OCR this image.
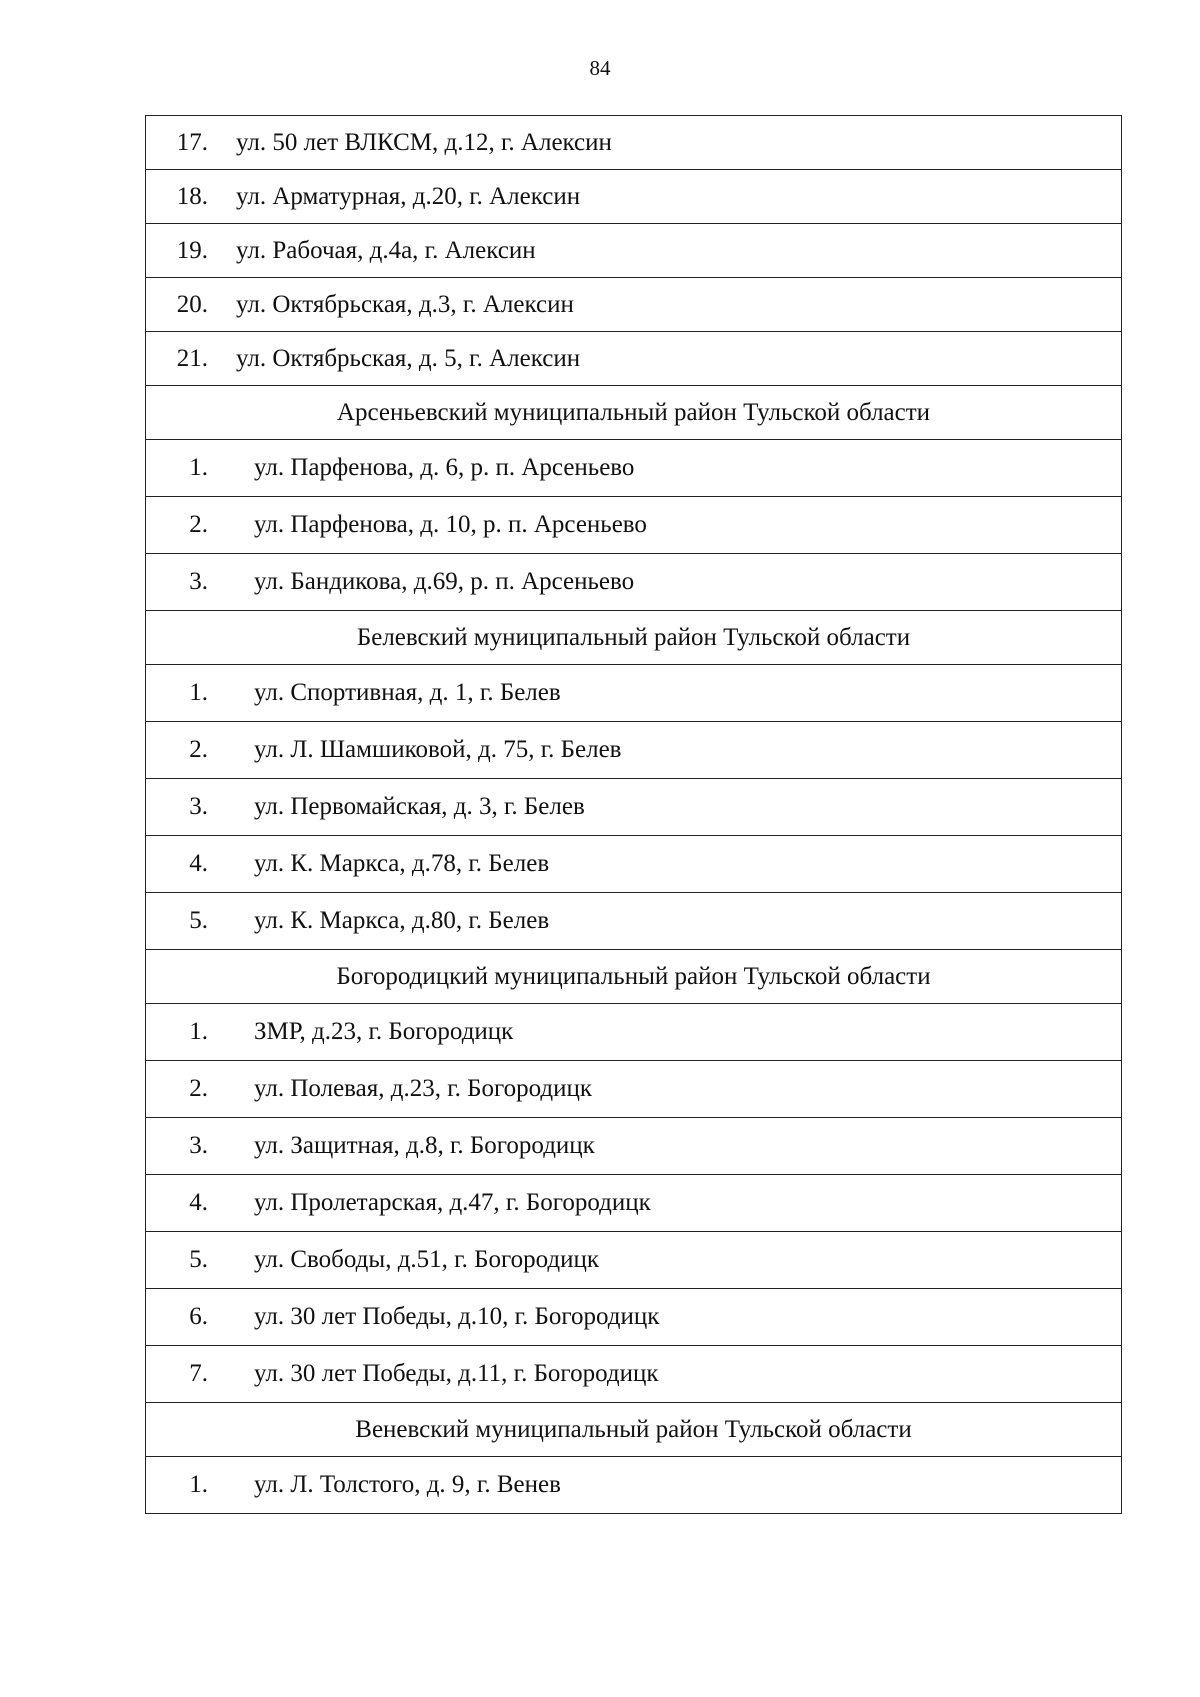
84
17. ул. 50 лет ВЛКСМ, д.12, г. Алексин
18. ул. Арматурная, д.20, г. Алексин
19. ул. Рабочая, д.4а, г. Алексин
20. ул. Октябрьская, д.3, г. Алексин
21. ул. Октябрьская, д. 5, г. Алексин
Арсеньевский муниципальный район Тульской области
1. ул. Парфенова, д. 6, р. п. Арсеньево
2. ул. Парфенова, д. 10, р. п. Арсеньево
3. ул. Бандикова, д.69, р. п. Арсеньево
Белевский муниципальный район Тульской области
1. ул. Спортивная, д. 1, г. Белев
2. ул. Л. Шамшиковой, д. 75, г. Белев
3. ул. Первомайская, д. 3, г. Белев
4. ул. К. Маркса, д.78, г. Белев
5. ул. К. Маркса, д.80, г. Белев
Богородицкий муниципальный район Тульской области
1. ЗМР, д.23, г. Богородицк
2. ул. Полевая, д.23, г. Богородицк
3. ул. Защитная, д.8, г. Богородицк
4. ул. Пролетарская, д.47, г. Богородицк
5. ул. Свободы, д.51, г. Богородицк
6. ул. 30 лет Победы, д.10, г. Богородицк
7. ул. 30 лет Победы, д.11, г. Богородицк
Веневский муниципальный район Тульской области
1. ул. Л. Толстого, д. 9, г. Венев
